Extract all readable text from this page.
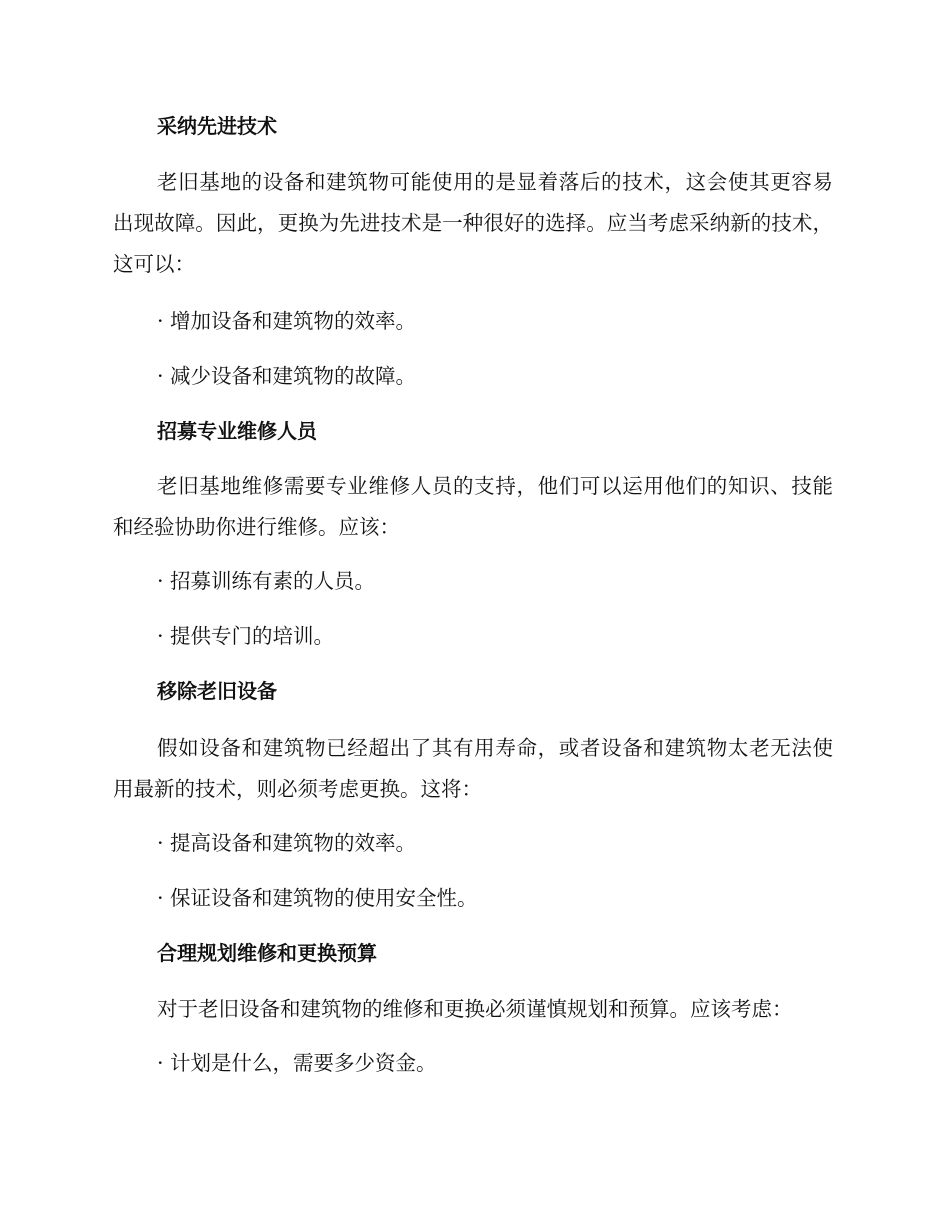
采纳先进技术

老旧基地的设备和建筑物可能使用的是显着落后的技术，这会使其更容易出现故障。因此，更换为先进技术是一种很好的选择。应当考虑采纳新的技术，这可以：

· 增加设备和建筑物的效率。

· 减少设备和建筑物的故障。

招募专业维修人员

老旧基地维修需要专业维修人员的支持，他们可以运用他们的知识、技能和经验协助你进行维修。应该：

· 招募训练有素的人员。

· 提供专门的培训。

移除老旧设备

假如设备和建筑物已经超出了其有用寿命，或者设备和建筑物太老无法使用最新的技术，则必须考虑更换。这将：

· 提高设备和建筑物的效率。

· 保证设备和建筑物的使用安全性。

合理规划维修和更换预算

对于老旧设备和建筑物的维修和更换必须谨慎规划和预算。应该考虑：

· 计划是什么，需要多少资金。
